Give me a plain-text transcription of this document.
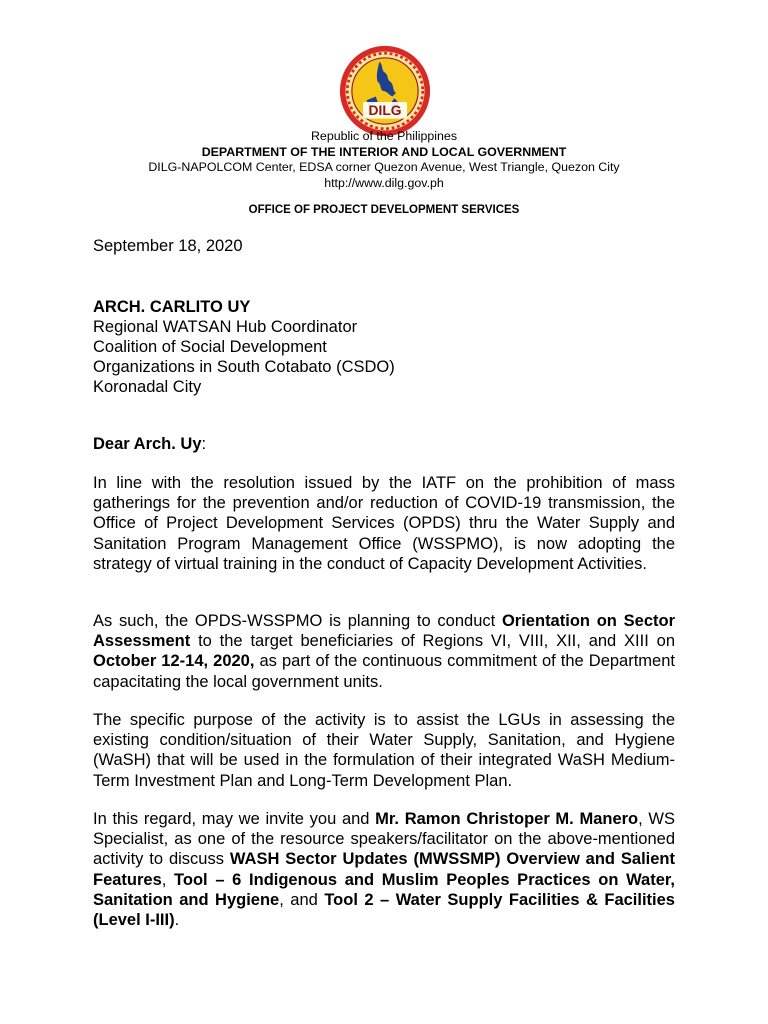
DILG
Republic of the Philippines
DEPARTMENT OF THE INTERIOR AND LOCAL GOVERNMENT
DILG-NAPOLCOM Center, EDSA corner Quezon Avenue, West Triangle, Quezon City
http://www.dilg.gov.ph
OFFICE OF PROJECT DEVELOPMENT SERVICES
September 18, 2020
ARCH. CARLITO UY
Regional WATSAN Hub Coordinator
Coalition of Social Development
Organizations in South Cotabato (CSDO)
Koronadal City
Dear Arch. Uy:
In line with the resolution issued by the IATF on the prohibition of mass gatherings for the prevention and/or reduction of COVID-19 transmission, the Office of Project Development Services (OPDS) thru the Water Supply and Sanitation Program Management Office (WSSPMO), is now adopting the strategy of virtual training in the conduct of Capacity Development Activities.
As such, the OPDS-WSSPMO is planning to conduct Orientation on Sector Assessment to the target beneficiaries of Regions VI, VIII, XII, and XIII on October 12-14, 2020, as part of the continuous commitment of the Department capacitating the local government units.
The specific purpose of the activity is to assist the LGUs in assessing the existing condition/situation of their Water Supply, Sanitation, and Hygiene (WaSH) that will be used in the formulation of their integrated WaSH Medium-Term Investment Plan and Long-Term Development Plan.
In this regard, may we invite you and Mr. Ramon Christoper M. Manero, WS Specialist, as one of the resource speakers/facilitator on the above-mentioned activity to discuss WASH Sector Updates (MWSSMP) Overview and Salient Features, Tool – 6 Indigenous and Muslim Peoples Practices on Water, Sanitation and Hygiene, and Tool 2 – Water Supply Facilities & Facilities (Level I-III).
